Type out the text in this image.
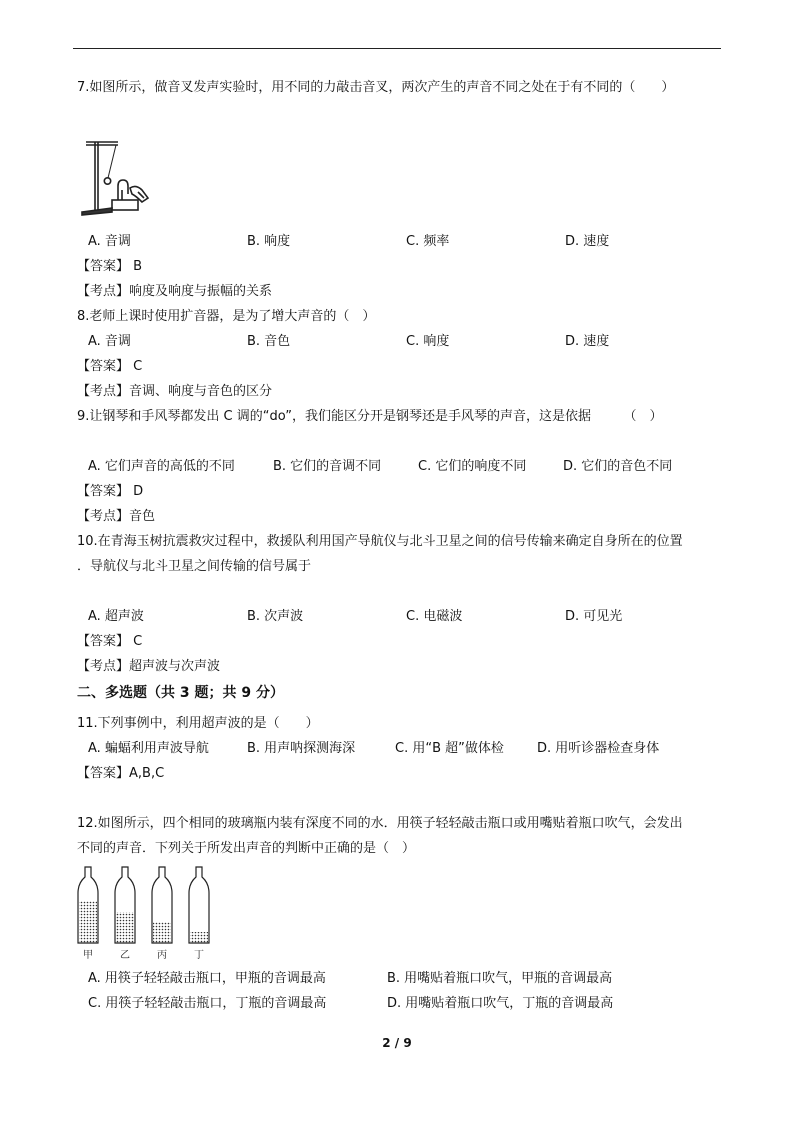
7.如图所示，做音叉发声实验时，用不同的力敲击音叉，两次产生的声音不同之处在于有不同的（　　）
A. 音调	B. 响度	C. 频率	D. 速度
【答案】 B
【考点】响度及响度与振幅的关系
8.老师上课时使用扩音器，是为了增大声音的（　）
A. 音调	B. 音色	C. 响度	D. 速度
【答案】 C
【考点】音调、响度与音色的区分
9.让钢琴和手风琴都发出 C 调的“do”，我们能区分开是钢琴还是手风琴的声音，这是依据　　　（　）
A. 它们声音的高低的不同	B. 它们的音调不同	C. 它们的响度不同	D. 它们的音色不同
【答案】 D
【考点】音色
10.在青海玉树抗震救灾过程中，救援队利用国产导航仪与北斗卫星之间的信号传输来确定自身所在的位置
．导航仪与北斗卫星之间传输的信号属于
A. 超声波	B. 次声波	C. 电磁波	D. 可见光
【答案】 C
【考点】超声波与次声波
二、多选题（共 3 题；共 9 分）
11.下列事例中，利用超声波的是（　　）
A. 蝙蝠利用声波导航	B. 用声呐探测海深	C. 用“B 超”做体检	D. 用听诊器检查身体
【答案】A,B,C
12.如图所示，四个相同的玻璃瓶内装有深度不同的水．用筷子轻轻敲击瓶口或用嘴贴着瓶口吹气，会发出
不同的声音．下列关于所发出声音的判断中正确的是（　）
甲	乙	丙	丁
A. 用筷子轻轻敲击瓶口，甲瓶的音调最高	B. 用嘴贴着瓶口吹气，甲瓶的音调最高
C. 用筷子轻轻敲击瓶口，丁瓶的音调最高	D. 用嘴贴着瓶口吹气，丁瓶的音调最高
2 / 9
